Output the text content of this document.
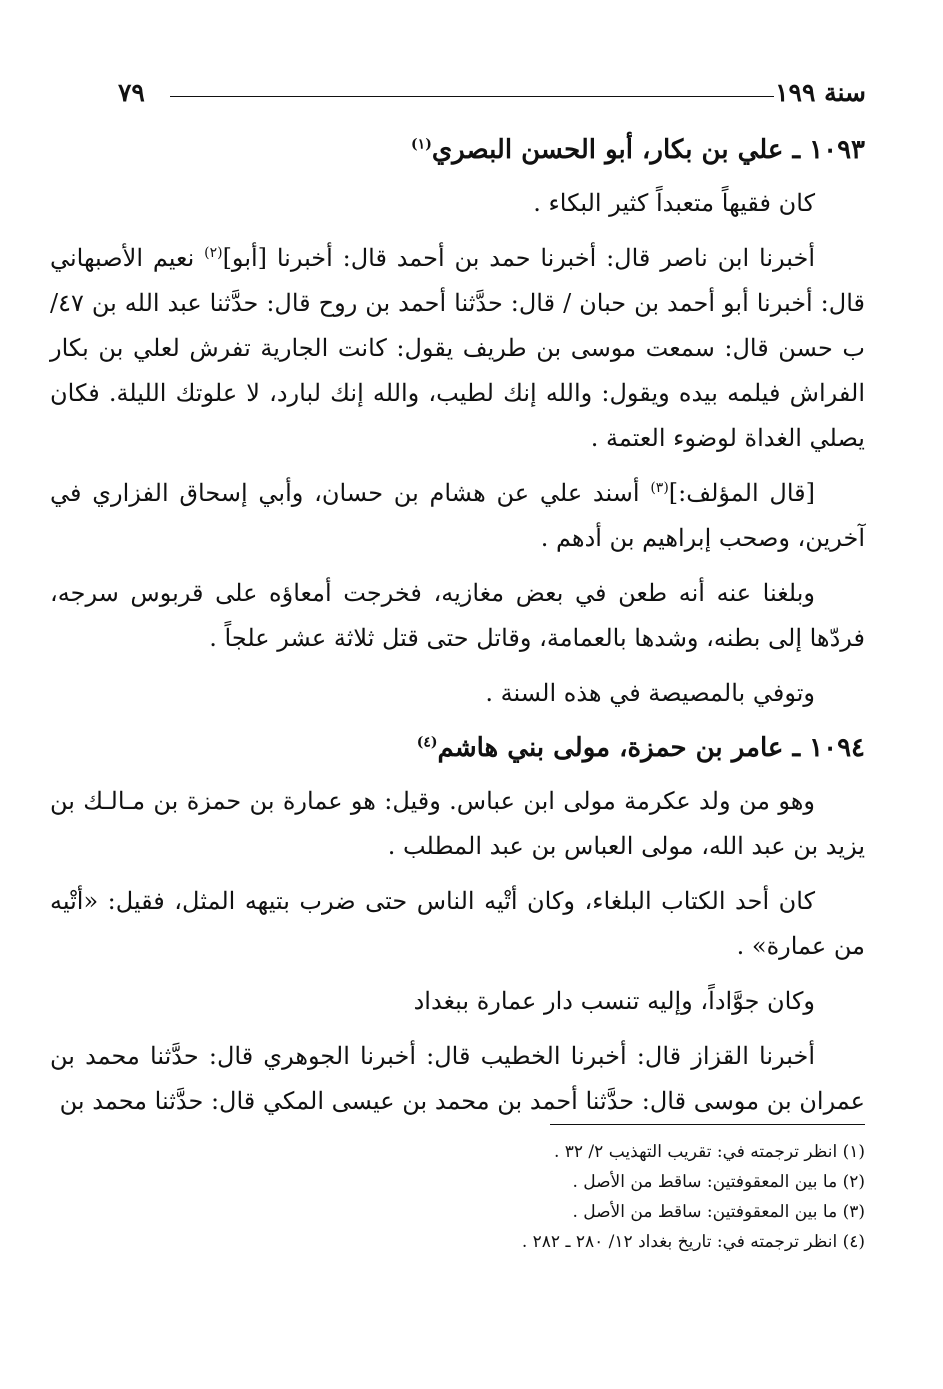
سنة ١٩٩
٧٩

١٠٩٣ ـ علي بن بكار، أبو الحسن البصري$^{(١)}$

كان فقيهاً متعبداً كثير البكاء .

أخبرنا ابن ناصر قال: أخبرنا حمد بن أحمد قال: أخبرنا [أبو]$^{(٢)}$ نعيم الأصبهاني قال: أخبرنا أبو أحمد بن حبان / قال: حدَّثنا أحمد بن روح قال: حدَّثنا عبد الله بن ٤٧/ب حسن قال: سمعت موسى بن طريف يقول: كانت الجارية تفرش لعلي بن بكار الفراش فيلمه بيده ويقول: والله إنك لطيب، والله إنك لبارد، لا علوتك الليلة. فكان يصلي الغداة لوضوء العتمة .

[قال المؤلف:]$^{(٣)}$ أسند علي عن هشام بن حسان، وأبي إسحاق الفزاري في آخرين، وصحب إبراهيم بن أدهم .

وبلغنا عنه أنه طعن في بعض مغازيه، فخرجت أمعاؤه على قربوس سرجه، فردّها إلى بطنه، وشدها بالعمامة، وقاتل حتى قتل ثلاثة عشر علجاً .

وتوفي بالمصيصة في هذه السنة .

١٠٩٤ ـ عامر بن حمزة، مولى بني هاشم$^{(٤)}$

وهو من ولد عكرمة مولى ابن عباس. وقيل: هو عمارة بن حمزة بن مـالـك بن يزيد بن عبد الله، مولى العباس بن عبد المطلب .

كان أحد الكتاب البلغاء، وكان أتْيه الناس حتى ضرب بتيهه المثل، فقيل: «أتْيه من عمارة» .

وكان جوَّاداً، وإليه تنسب دار عمارة ببغداد

أخبرنا القزاز قال: أخبرنا الخطيب قال: أخبرنا الجوهري قال: حدَّثنا محمد بن عمران بن موسى قال: حدَّثنا أحمد بن محمد بن عيسى المكي قال: حدَّثنا محمد بن

(١) انظر ترجمته في: تقريب التهذيب ٢/ ٣٢ .

(٢) ما بين المعقوفتين: ساقط من الأصل .

(٣) ما بين المعقوفتين: ساقط من الأصل .

(٤) انظر ترجمته في: تاريخ بغداد ١٢/ ٢٨٠ ـ ٢٨٢ .
